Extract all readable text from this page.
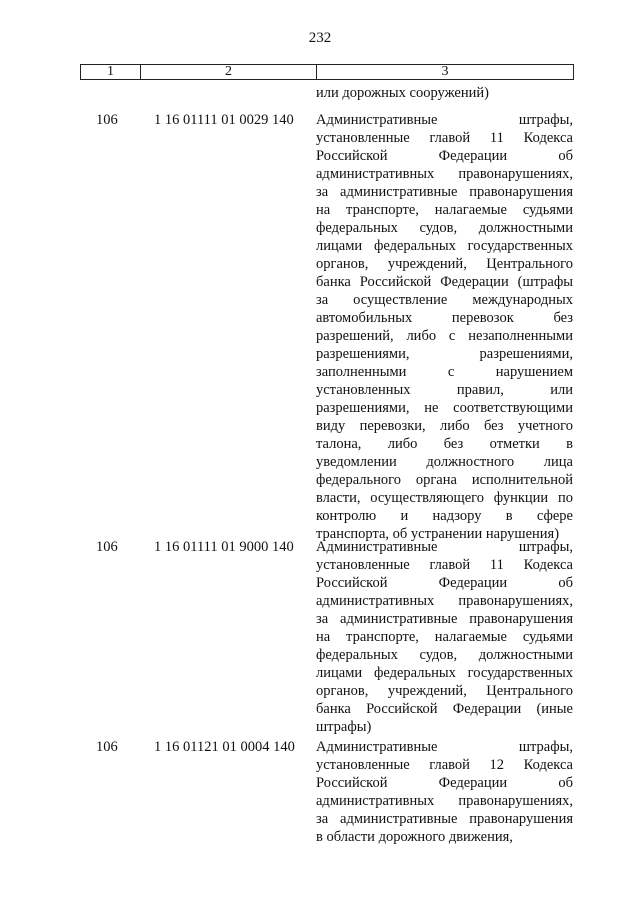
232
1	2	3
или дорожных сооружений)
106	1 16 01111 01 0029 140	Административные штрафы,
установленные главой 11 Кодекса
Российской Федерации об
административных правонарушениях,
за административные правонарушения
на транспорте, налагаемые судьями
федеральных судов, должностными
лицами федеральных государственных
органов, учреждений, Центрального
банка Российской Федерации (штрафы
за осуществление международных
автомобильных перевозок без
разрешений, либо с незаполненными
разрешениями, разрешениями,
заполненными с нарушением
установленных правил, или
разрешениями, не соответствующими
виду перевозки, либо без учетного
талона, либо без отметки в
уведомлении должностного лица
федерального органа исполнительной
власти, осуществляющего функции по
контролю и надзору в сфере
транспорта, об устранении нарушения)
106	1 16 01111 01 9000 140	Административные штрафы,
установленные главой 11 Кодекса
Российской Федерации об
административных правонарушениях,
за административные правонарушения
на транспорте, налагаемые судьями
федеральных судов, должностными
лицами федеральных государственных
органов, учреждений, Центрального
банка Российской Федерации (иные
штрафы)
106	1 16 01121 01 0004 140	Административные штрафы,
установленные главой 12 Кодекса
Российской Федерации об
административных правонарушениях,
за административные правонарушения
в области дорожного движения,
